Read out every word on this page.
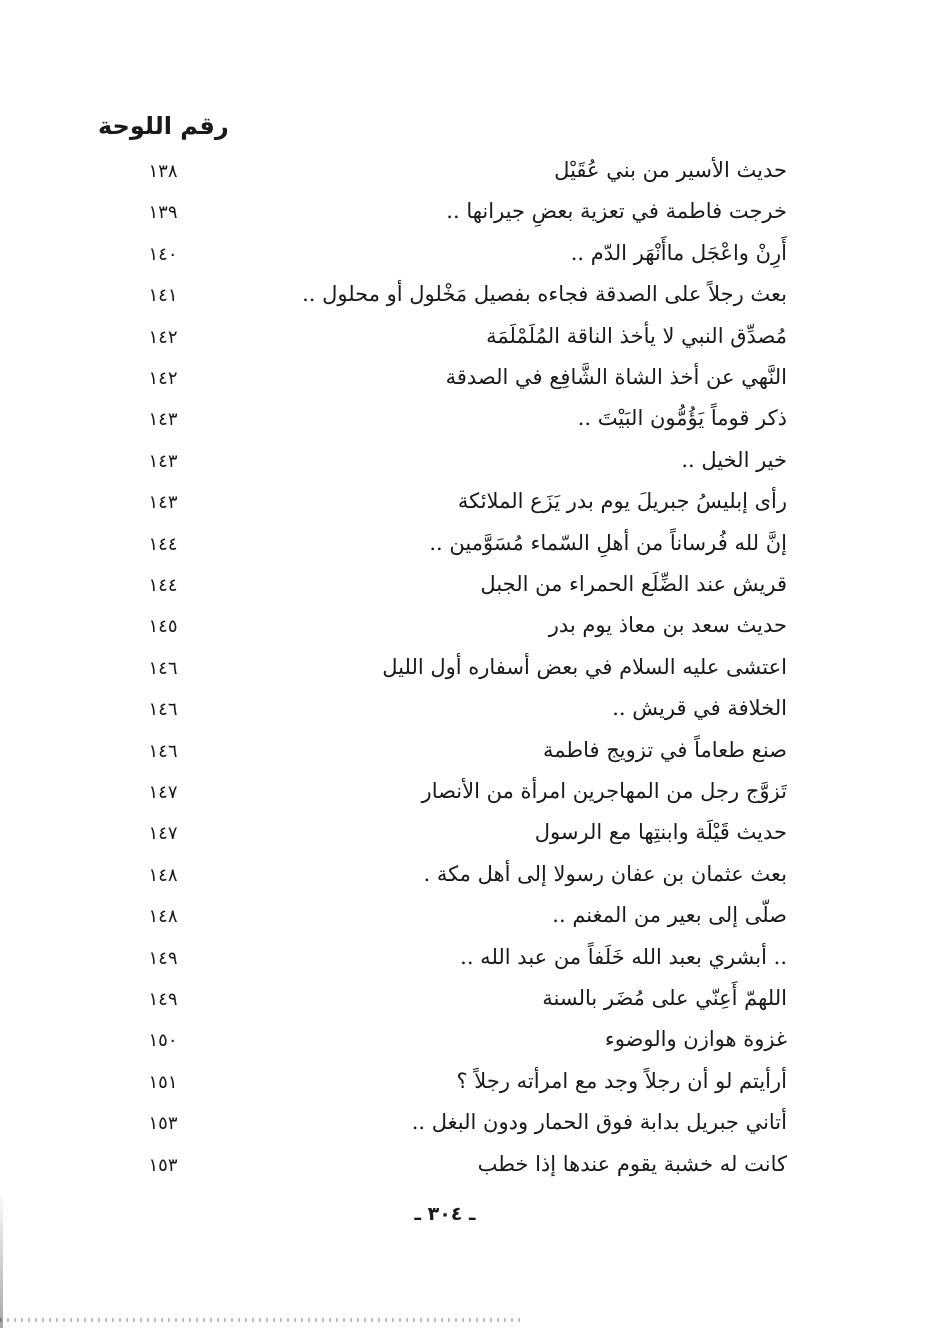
رقم اللوحة
حديث الأسير من بني عُقَيْل
١٣٨
خرجت فاطمة في تعزية بعضِ جيرانها ..
١٣٩
أَرِنْ واعْجَل ماأَنْهَر الدّم ..
١٤٠
بعث رجلاً على الصدقة فجاءه بفصيل مَخْلول أو محلول ..
١٤١
مُصدِّق النبي لا يأخذ الناقة المُلَمْلَمَة
١٤٢
النَّهي عن أخذ الشاة الشَّافِع في الصدقة
١٤٢
ذكر قوماً يَؤُمُّون البَيْتَ ..
١٤٣
خير الخيل ..
١٤٣
رأى إبليسُ جبريلَ يوم بدر يَزَع الملائكة
١٤٣
إنَّ لله فُرساناً من أهلِ السّماء مُسَوَّمين ..
١٤٤
قريش عند الضِّلَع الحمراء من الجبل
١٤٤
حديث سعد بن معاذ يوم بدر
١٤٥
اعتشى عليه السلام في بعض أسفاره أول الليل
١٤٦
الخلافة في قريش ..
١٤٦
صنع طعاماً في تزويج فاطمة
١٤٦
تَزوَّج رجل من المهاجرين امرأة من الأنصار
١٤٧
حديث قَيْلَة وابنتِها مع الرسول
١٤٧
بعث عثمان بن عفان رسولا إلى أهل مكة .
١٤٨
صلّى إلى بعير من المغنم ..
١٤٨
.. أبشري بعبد الله خَلَفاً من عبد الله ..
١٤٩
اللهمّ أَعِنّي على مُضَر بالسنة
١٤٩
غزوة هوازن والوضوء
١٥٠
أرأيتم لو أن رجلاً وجد مع امرأته رجلاً ؟
١٥١
أتاني جبريل بدابة فوق الحمار ودون البغل ..
١٥٣
كانت له خشبة يقوم عندها إذا خطب
١٥٣
ـ ٣٠٤ ـ
